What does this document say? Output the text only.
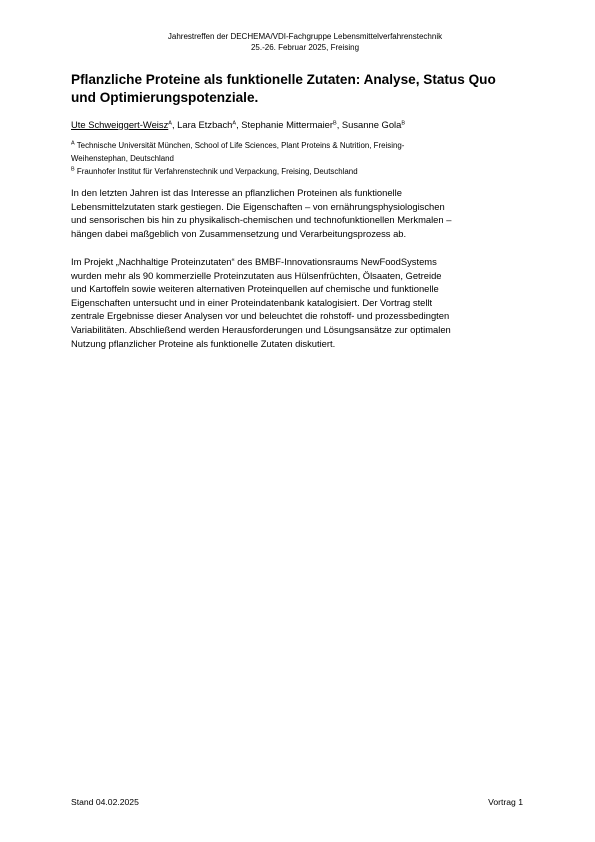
Jahrestreffen der DECHEMA/VDI-Fachgruppe Lebensmittelverfahrenstechnik
25.-26. Februar 2025, Freising
Pflanzliche Proteine als funktionelle Zutaten: Analyse, Status Quo
und Optimierungspotenziale.
Ute Schweiggert-Weisz$^A$, Lara Etzbach$^A$, Stephanie Mittermaier$^B$, Susanne Gola$^B$
$^A$ Technische Universität München, School of Life Sciences, Plant Proteins & Nutrition, Freising-
Weihenstephan, Deutschland
$^B$ Fraunhofer Institut für Verfahrenstechnik und Verpackung, Freising, Deutschland
In den letzten Jahren ist das Interesse an pflanzlichen Proteinen als funktionelle
Lebensmittelzutaten stark gestiegen. Die Eigenschaften – von ernährungsphysiologischen
und sensorischen bis hin zu physikalisch-chemischen und technofunktionellen Merkmalen –
hängen dabei maßgeblich von Zusammensetzung und Verarbeitungsprozess ab.
Im Projekt „Nachhaltige Proteinzutaten“ des BMBF-Innovationsraums NewFoodSystems
wurden mehr als 90 kommerzielle Proteinzutaten aus Hülsenfrüchten, Ölsaaten, Getreide
und Kartoffeln sowie weiteren alternativen Proteinquellen auf chemische und funktionelle
Eigenschaften untersucht und in einer Proteindatenbank katalogisiert. Der Vortrag stellt
zentrale Ergebnisse dieser Analysen vor und beleuchtet die rohstoff- und prozessbedingten
Variabilitäten. Abschließend werden Herausforderungen und Lösungsansätze zur optimalen
Nutzung pflanzlicher Proteine als funktionelle Zutaten diskutiert.
Stand 04.02.2025	Vortrag 1
